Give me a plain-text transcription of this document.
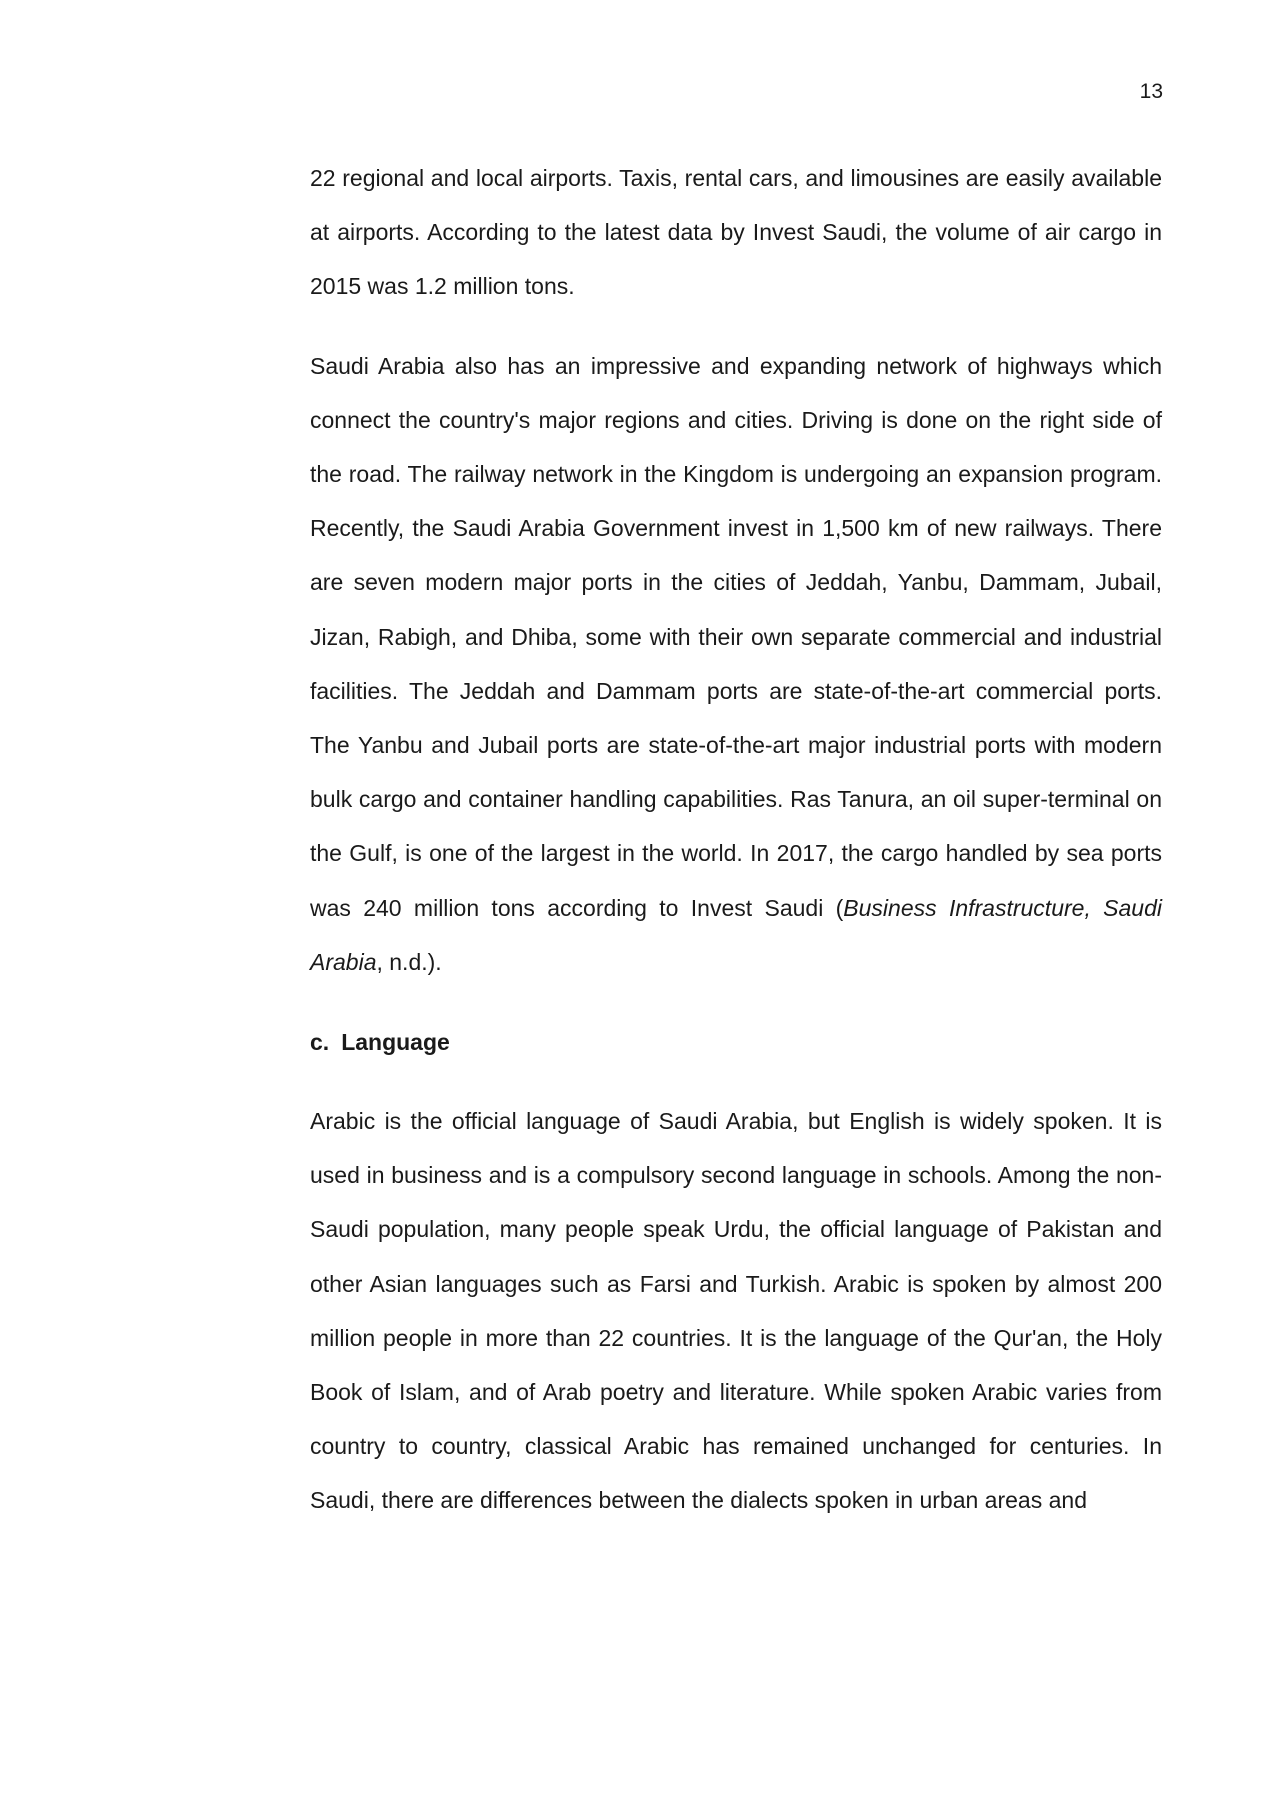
13

22 regional and local airports. Taxis, rental cars, and limousines are easily available at airports. According to the latest data by Invest Saudi, the volume of air cargo in 2015 was 1.2 million tons.

Saudi Arabia also has an impressive and expanding network of highways which connect the country's major regions and cities. Driving is done on the right side of the road. The railway network in the Kingdom is undergoing an expansion program. Recently, the Saudi Arabia Government invest in 1,500 km of new railways. There are seven modern major ports in the cities of Jeddah, Yanbu, Dammam, Jubail, Jizan, Rabigh, and Dhiba, some with their own separate commercial and industrial facilities. The Jeddah and Dammam ports are state-of-the-art commercial ports. The Yanbu and Jubail ports are state-of-the-art major industrial ports with modern bulk cargo and container handling capabilities. Ras Tanura, an oil super-terminal on the Gulf, is one of the largest in the world. In 2017, the cargo handled by sea ports was 240 million tons according to Invest Saudi (Business Infrastructure, Saudi Arabia, n.d.).

c. Language

Arabic is the official language of Saudi Arabia, but English is widely spoken. It is used in business and is a compulsory second language in schools. Among the non-Saudi population, many people speak Urdu, the official language of Pakistan and other Asian languages such as Farsi and Turkish. Arabic is spoken by almost 200 million people in more than 22 countries. It is the language of the Qur'an, the Holy Book of Islam, and of Arab poetry and literature. While spoken Arabic varies from country to country, classical Arabic has remained unchanged for centuries. In Saudi, there are differences between the dialects spoken in urban areas and
